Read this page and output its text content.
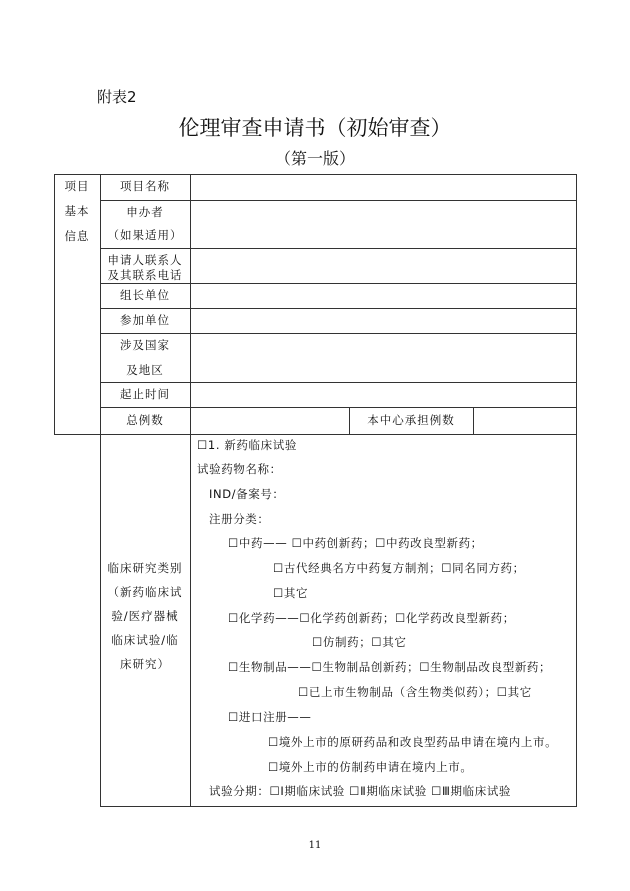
附表2
伦理审查申请书（初始审查）
（第一版）
项目
基本
信息
项目名称
申办者
（如果适用）
申请人联系人
及其联系电话
组长单位
参加单位
涉及国家
及地区
起止时间
总例数	本中心承担例数
临床研究类别
（新药临床试
验/医疗器械
临床试验/临
床研究）
☐1. 新药临床试验
试验药物名称：
IND/备案号：
注册分类：
☐中药—— ☐中药创新药；☐中药改良型新药；
☐古代经典名方中药复方制剂；☐同名同方药；
☐其它
☐化学药——☐化学药创新药；☐化学药改良型新药；
☐仿制药；☐其它
☐生物制品——☐生物制品创新药；☐生物制品改良型新药；
☐已上市生物制品（含生物类似药）；☐其它
☐进口注册——
☐境外上市的原研药品和改良型药品申请在境内上市。
☐境外上市的仿制药申请在境内上市。
试验分期：☐Ⅰ期临床试验 ☐Ⅱ期临床试验 ☐Ⅲ期临床试验
11
